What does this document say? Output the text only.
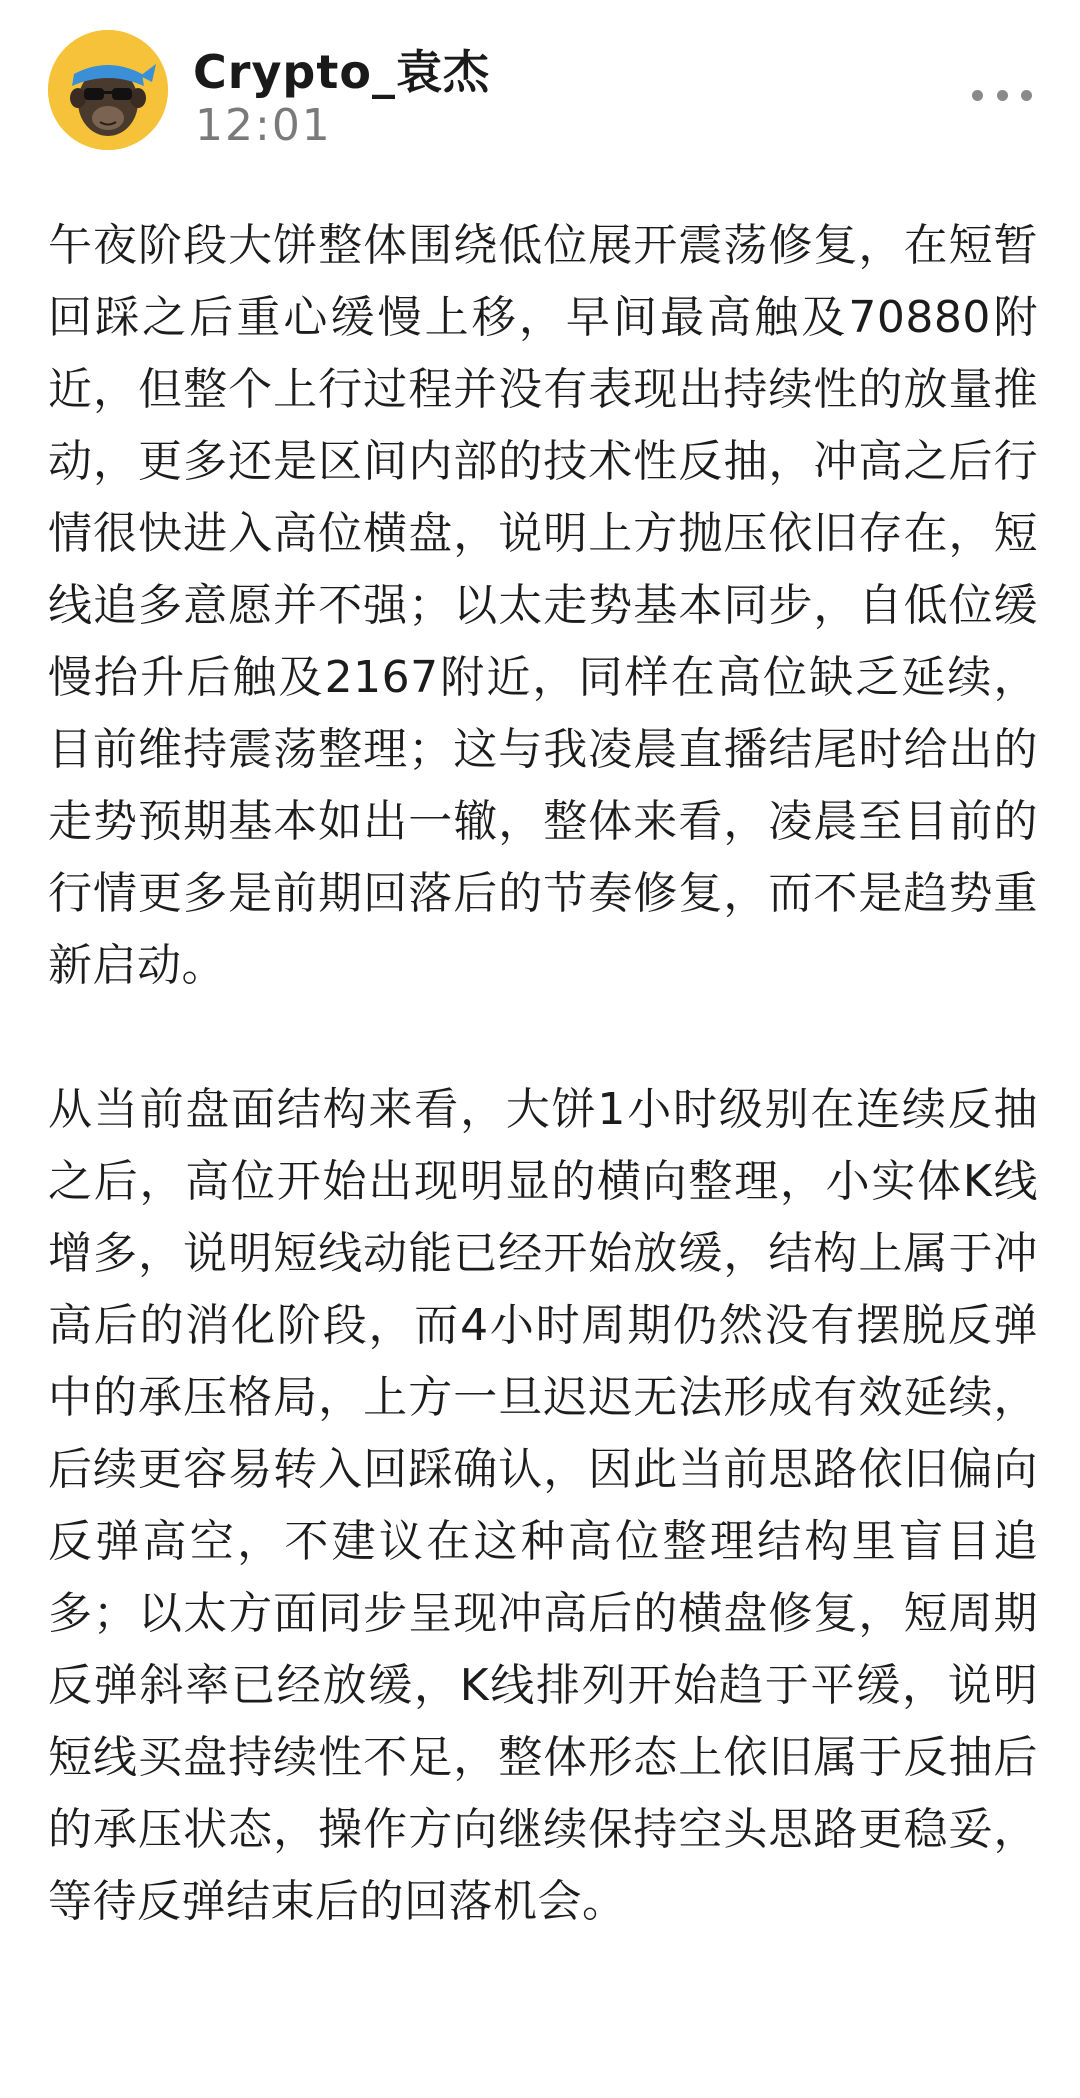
Crypto_袁杰
12:01

午夜阶段大饼整体围绕低位展开震荡修复，在短暂回踩之后重心缓慢上移，早间最高触及70880附近，但整个上行过程并没有表现出持续性的放量推动，更多还是区间内部的技术性反抽，冲高之后行情很快进入高位横盘，说明上方抛压依旧存在，短线追多意愿并不强；以太走势基本同步，自低位缓慢抬升后触及2167附近，同样在高位缺乏延续，目前维持震荡整理；这与我凌晨直播结尾时给出的走势预期基本如出一辙，整体来看，凌晨至目前的行情更多是前期回落后的节奏修复，而不是趋势重新启动。

从当前盘面结构来看，大饼1小时级别在连续反抽之后，高位开始出现明显的横向整理，小实体K线增多，说明短线动能已经开始放缓，结构上属于冲高后的消化阶段，而4小时周期仍然没有摆脱反弹中的承压格局，上方一旦迟迟无法形成有效延续，后续更容易转入回踩确认，因此当前思路依旧偏向反弹高空，不建议在这种高位整理结构里盲目追多；以太方面同步呈现冲高后的横盘修复，短周期反弹斜率已经放缓，K线排列开始趋于平缓，说明短线买盘持续性不足，整体形态上依旧属于反抽后的承压状态，操作方向继续保持空头思路更稳妥，等待反弹结束后的回落机会。
